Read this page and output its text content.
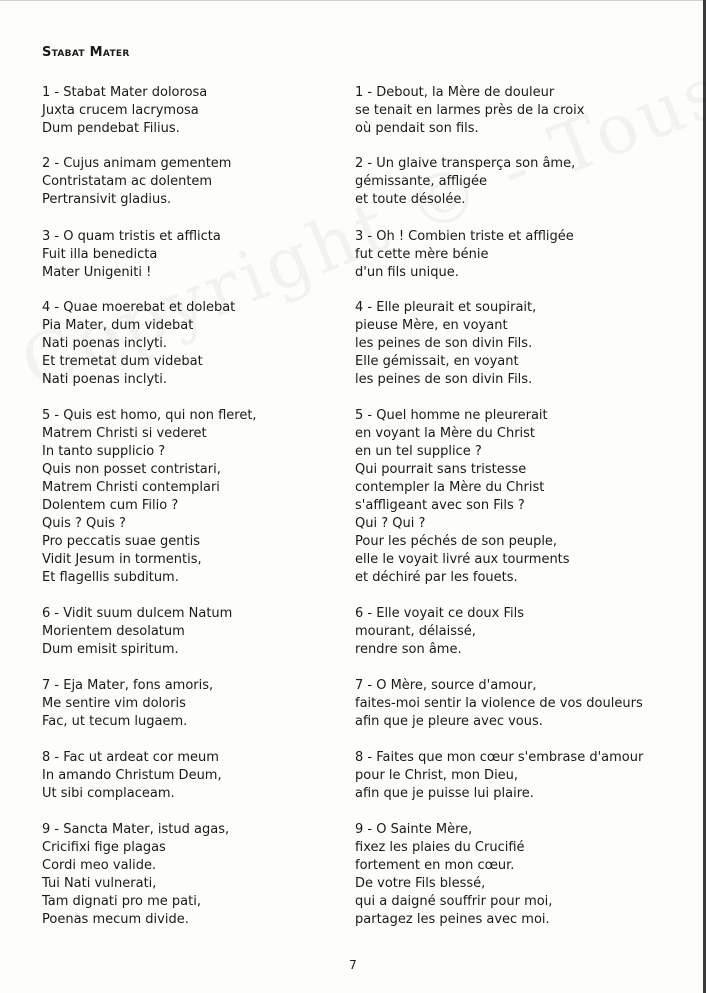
Stabat Mater
1 - Stabat Mater dolorosa
Juxta crucem lacrymosa
Dum pendebat Filius.
1 - Debout, la Mère de douleur
se tenait en larmes près de la croix
où pendait son fils.
2 - Cujus animam gementem
Contristatam ac dolentem
Pertransivit gladius.
2 - Un glaive transperça son âme,
gémissante, affligée
et toute désolée.
3 - O quam tristis et afflicta
Fuit illa benedicta
Mater Unigeniti !
3 - Oh ! Combien triste et affligée
fut cette mère bénie
d'un fils unique.
4 - Quae moerebat et dolebat
Pia Mater, dum videbat
Nati poenas inclyti.
Et tremetat dum videbat
Nati poenas inclyti.
4 - Elle pleurait et soupirait,
pieuse Mère, en voyant
les peines de son divin Fils.
Elle gémissait, en voyant
les peines de son divin Fils.
5 - Quis est homo, qui non fleret,
Matrem Christi si vederet
In tanto supplicio ?
Quis non posset contristari,
Matrem Christi contemplari
Dolentem cum Filio ?
Quis ? Quis ?
Pro peccatis suae gentis
Vidit Jesum in tormentis,
Et flagellis subditum.
5 - Quel homme ne pleurerait
en voyant la Mère du Christ
en un tel supplice ?
Qui pourrait sans tristesse
contempler la Mère du Christ
s'affligeant avec son Fils ?
Qui ? Qui ?
Pour les péchés de son peuple,
elle le voyait livré aux tourments
et déchiré par les fouets.
6 - Vidit suum dulcem Natum
Morientem desolatum
Dum emisit spiritum.
6 - Elle voyait ce doux Fils
mourant, délaissé,
rendre son âme.
7 - Eja Mater, fons amoris,
Me sentire vim doloris
Fac, ut tecum lugaem.
7 - O Mère, source d'amour,
faites-moi sentir la violence de vos douleurs
afin que je pleure avec vous.
8 - Fac ut ardeat cor meum
In amando Christum Deum,
Ut sibi complaceam.
8 - Faites que mon cœur s'embrase d'amour
pour le Christ, mon Dieu,
afin que je puisse lui plaire.
9 - Sancta Mater, istud agas,
Cricifixi fige plagas
Cordi meo valide.
Tui Nati vulnerati,
Tam dignati pro me pati,
Poenas mecum divide.
9 - O Sainte Mère,
fixez les plaies du Crucifié
fortement en mon cœur.
De votre Fils blessé,
qui a daigné souffrir pour moi,
partagez les peines avec moi.
7
